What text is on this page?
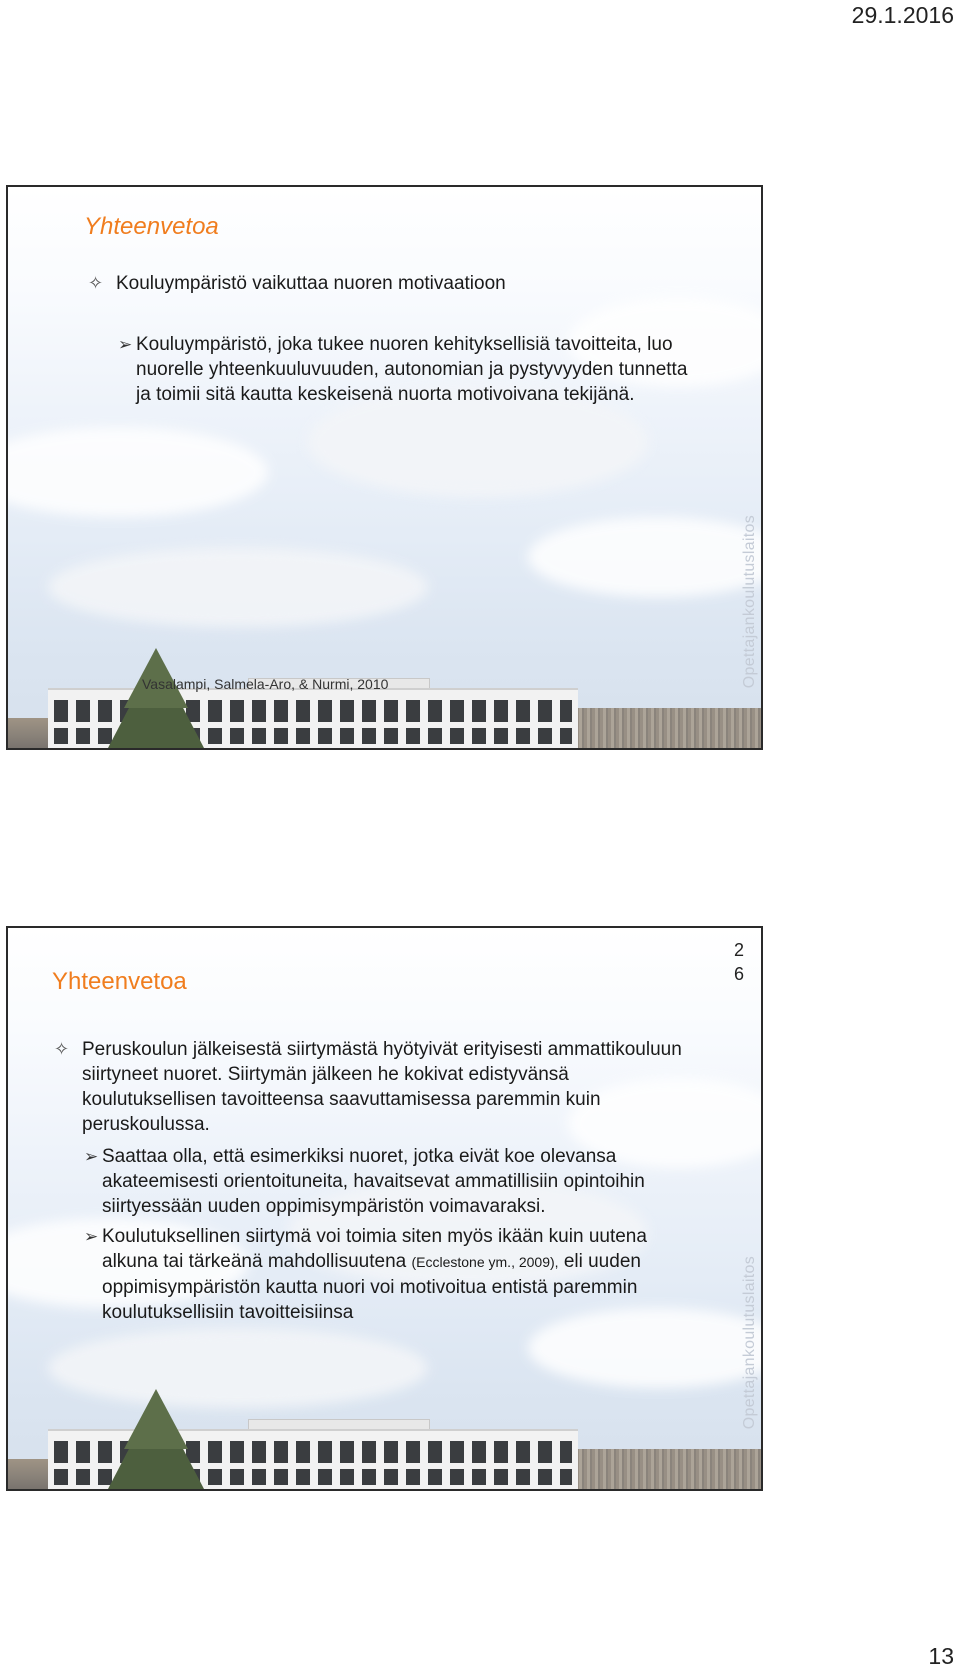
29.1.2016
Yhteenvetoa
✧ Kouluympäristö vaikuttaa nuoren motivaatioon
➢ Kouluympäristö, joka tukee nuoren kehityksellisiä tavoitteita, luo nuorelle yhteenkuuluvuuden, autonomian ja pystyvyyden tunnetta ja toimii sitä kautta keskeisenä nuorta motivoivana tekijänä.
Vasalampi, Salmela-Aro, & Nurmi, 2010	Opettajankoulutuslaitos
2
6
Yhteenvetoa
✧ Peruskoulun jälkeisestä siirtymästä hyötyivät erityisesti ammattikouluun siirtyneet nuoret. Siirtymän jälkeen he kokivat edistyvänsä koulutuksellisen tavoitteensa saavuttamisessa paremmin kuin peruskoulussa.
➢ Saattaa olla, että esimerkiksi nuoret, jotka eivät koe olevansa akateemisesti orientoituneita, havaitsevat ammatillisiin opintoihin siirtyessään uuden oppimisympäristön voimavaraksi.
➢ Koulutuksellinen siirtymä voi toimia siten myös ikään kuin uutena alkuna tai tärkeänä mahdollisuutena (Ecclestone ym., 2009), eli uuden oppimisympäristön kautta nuori voi motivoitua entistä paremmin koulutuksellisiin tavoitteisiinsa	Opettajankoulutuslaitos
13
